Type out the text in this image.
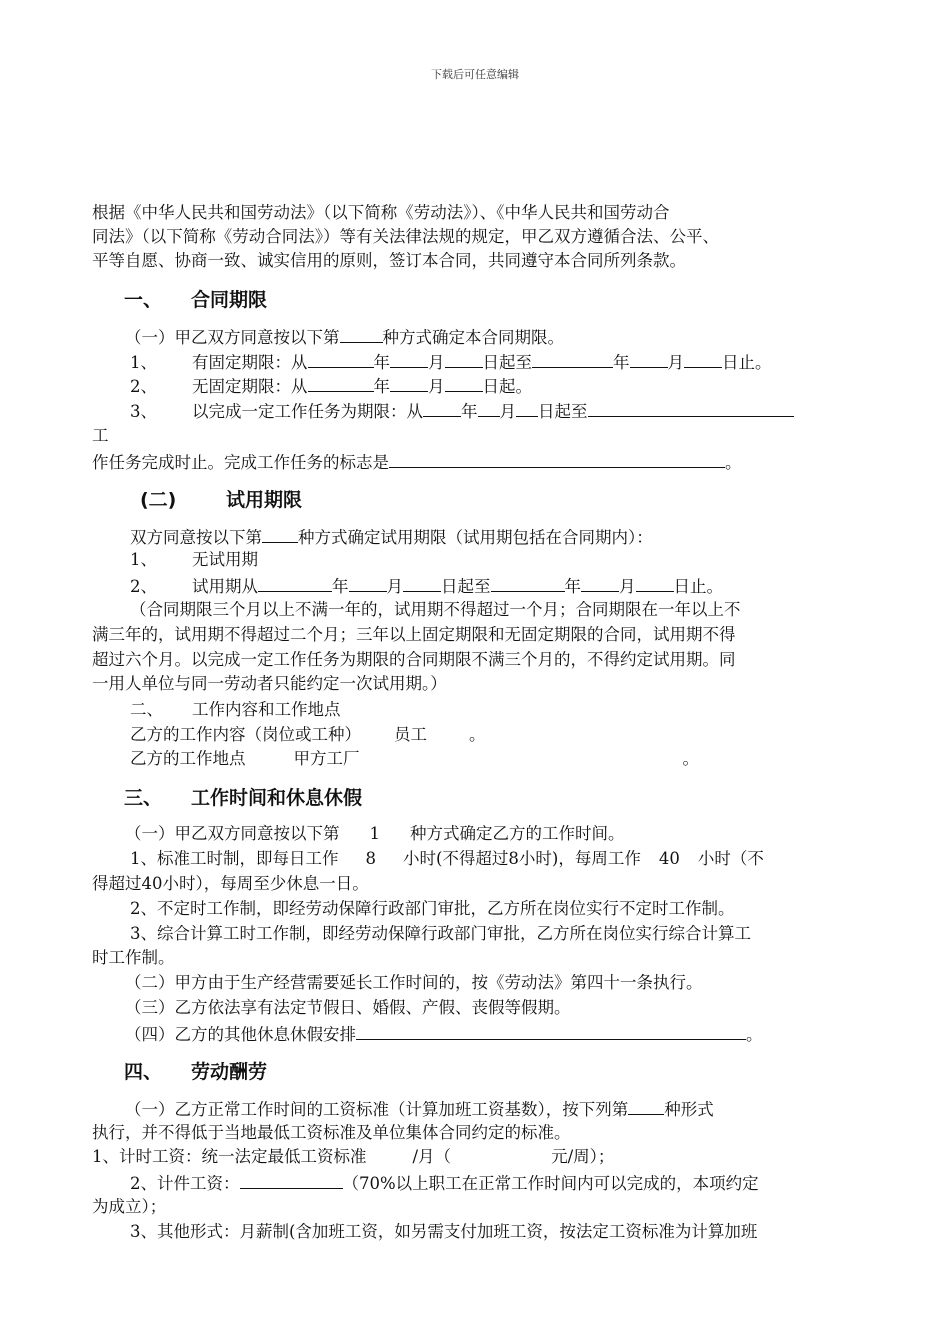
下载后可任意编辑
根据《中华人民共和国劳动法》（以下简称《劳动法》）、《中华人民共和国劳动合
同法》（以下简称《劳动合同法》）等有关法律法规的规定，甲乙双方遵循合法、公平、
平等自愿、协商一致、诚实信用的原则，签订本合同，共同遵守本合同所列条款。
一、 合同期限
（一）甲乙双方同意按以下第	种方式确定本合同期限。
1、 有固定期限：从	年 月 日起至	年 月 日止。
2、 无固定期限：从	年 月 日起。
3、 以完成一定工作任务为期限：从 年 月 日起至
工
作任务完成时止。完成工作任务的标志是	。
(二)	试用期限
双方同意按以下第 种方式确定试用期限（试用期包括在合同期内）：
1、 无试用期
2、 试用期从	年 月 日起至	年 月 日止。
（合同期限三个月以上不满一年的，试用期不得超过一个月；合同期限在一年以上不
满三年的，试用期不得超过二个月；三年以上固定期限和无固定期限的合同，试用期不得
超过六个月。以完成一定工作任务为期限的合同期限不满三个月的，不得约定试用期。同
一用人单位与同一劳动者只能约定一次试用期。）
二、 工作内容和工作地点
乙方的工作内容（岗位或工种） 员工	。
乙方的工作地点	甲方工厂	。
三、 工作时间和休息休假
（一）甲乙双方同意按以下第 1 种方式确定乙方的工作时间。
1、标准工时制，即每日工作 8 小时(不得超过8小时)，每周工作 40 小时（不
得超过40小时），每周至少休息一日。
2、不定时工作制，即经劳动保障行政部门审批，乙方所在岗位实行不定时工作制。
3、综合计算工时工作制，即经劳动保障行政部门审批，乙方所在岗位实行综合计算工
时工作制。
（二）甲方由于生产经营需要延长工作时间的，按《劳动法》第四十一条执行。
（三）乙方依法享有法定节假日、婚假、产假、丧假等假期。
（四）乙方的其他休息休假安排	。
四、 劳动酬劳
（一）乙方正常工作时间的工资标准（计算加班工资基数），按下列第 种形式
执行，并不得低于当地最低工资标准及单位集体合同约定的标准。
1、计时工资：统一法定最低工资标准	/月（	元/周）；
2、计件工资：	（70%以上职工在正常工作时间内可以完成的，本项约定
为成立）；
3、其他形式：月薪制(含加班工资，如另需支付加班工资，按法定工资标准为计算加班
